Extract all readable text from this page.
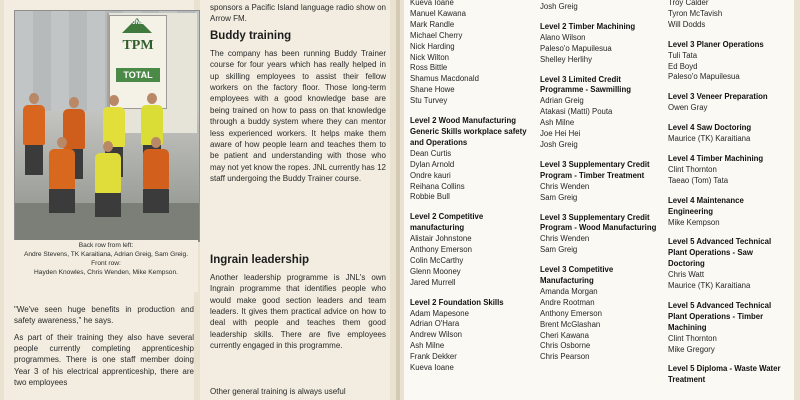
JNL
TPM
TOTAL
Back row from left:
Andre Stevens, TK Karaitiana, Adrian Greig, Sam Greig.
Front row:
Hayden Knowles, Chris Wenden, Mike Kempson.
"We've seen huge benefits in production and safety awareness," he says.
As part of their training they also have several people currently completing apprenticeship programmes. There is one staff member doing Year 3 of his electrical apprenticeship, there are two employees
sponsors a Pacific Island language radio show on Arrow FM.
Buddy training
The company has been running Buddy Trainer course for four years which has really helped in up skilling employees to assist their fellow workers on the factory floor. Those long-term employees with a good knowledge base are being trained on how to pass on that knowledge through a buddy system where they can mentor less experienced workers. It helps make them aware of how people learn and teaches them to be patient and understanding with those who may not yet know the ropes. JNL currently has 12 staff undergoing the Buddy Trainer course.
Ingrain leadership
Another leadership programme is JNL's own Ingrain programme that identifies people who would make good section leaders and team leaders. It gives them practical advice on how to deal with people and teaches them good leadership skills. There are five employees currently engaged in this programme.
Other general training is always useful
Kueva Ioane
Manuel Kawana
Mark Randle
Michael Cherry
Nick Harding
Nick Wilton
Ross Bittle
Shamus Macdonald
Shane Howe
Stu Turvey
Level 2 Wood Manufacturing Generic Skills workplace safety and Operations
Dean Curtis
Dylan Arnold
Ondre kauri
Reihana Collins
Robbie Bull
Level 2 Competitive manufacturing
Alistair Johnstone
Anthony Emerson
Colin McCarthy
Glenn Mooney
Jared Murrell
Level 2 Foundation Skills
Adam Mapesone
Adrian O'Hara
Andrew Wilson
Ash Milne
Frank Dekker
Kueva Ioane
Josh Greig
Level 2 Timber Machining
Alano Wilson
Paleso'o Mapuilesua
Shelley Herlihy
Level 3 Limited Credit Programme - Sawmilling
Adrian Greig
Atakasi (Matti) Pouta
Ash Milne
Joe Hei Hei
Josh Greig
Level 3 Supplementary Credit Program - Timber Treatment
Chris Wenden
Sam Greig
Level 3 Supplementary Credit Program - Wood Manufacturing
Chris Wenden
Sam Greig
Level 3 Competitive Manufacturing
Amanda Morgan
Andre Rootman
Anthony Emerson
Brent McGlashan
Cheri Kawana
Chris Osborne
Chris Pearson
Troy Calder
Tyron McTavish
Will Dodds
Level 3 Planer Operations
Tuli Tata
Ed Boyd
Paleso'o Mapuilesua
Level 3 Veneer Preparation
Owen Gray
Level 4 Saw Doctoring
Maurice (TK) Karaitiana
Level 4 Timber Machining
Clint Thornton
Taeao (Tom) Tata
Level 4 Maintenance Engineering
Mike Kempson
Level 5 Advanced Technical Plant Operations - Saw Doctoring
Chris Watt
Maurice (TK) Karaitiana
Level 5 Advanced Technical Plant Operations - Timber Machining
Clint Thornton
Mike Gregory
Level 5 Diploma - Waste Water Treatment
